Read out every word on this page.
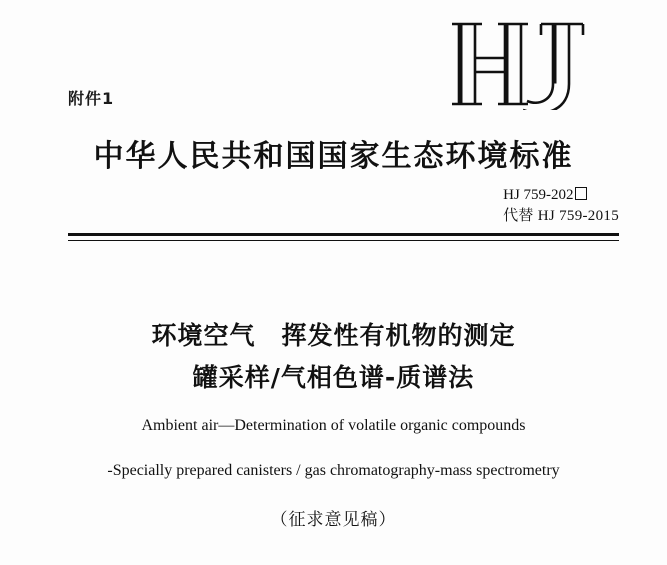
附件1
中华人民共和国国家生态环境标准
HJ 759-202
代替 HJ 759-2015
环境空气　挥发性有机物的测定
罐采样/气相色谱-质谱法
Ambient air—Determination of volatile organic compounds
-Specially prepared canisters / gas chromatography-mass spectrometry
（征求意见稿）
